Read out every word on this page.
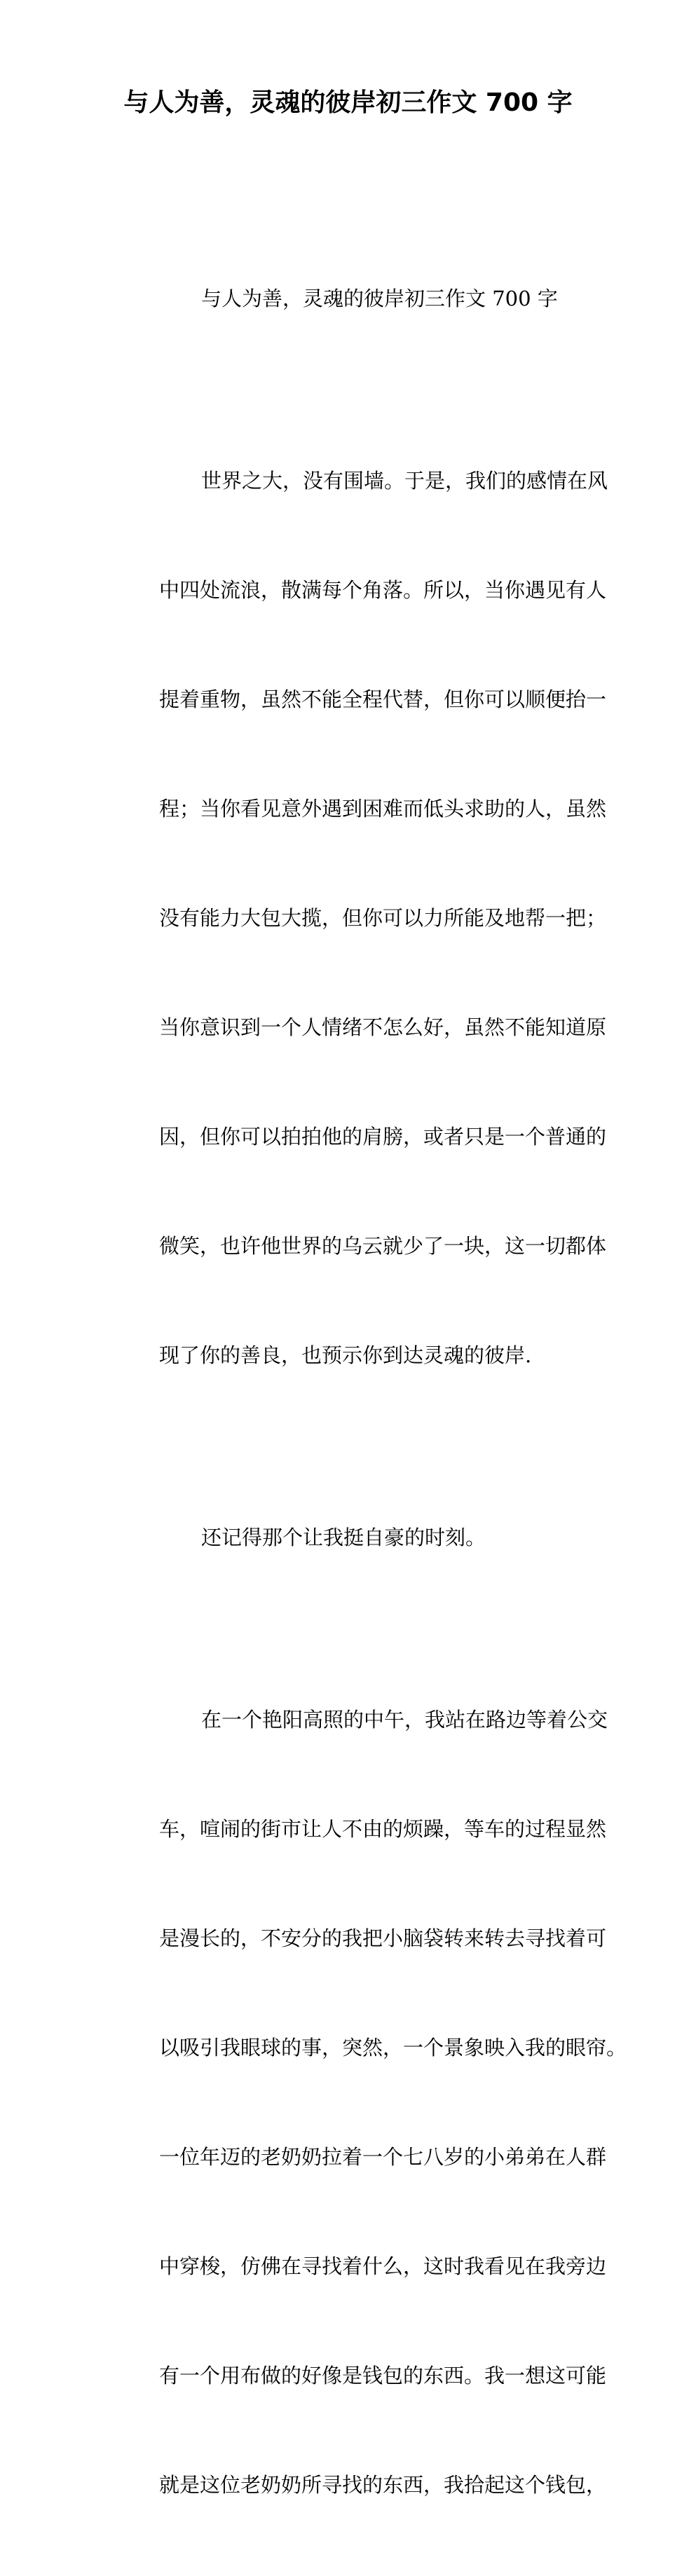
与人为善，灵魂的彼岸初三作文 700 字

与人为善，灵魂的彼岸初三作文 700 字

世界之大，没有围墙。于是，我们的感情在风

中四处流浪，散满每个角落。所以，当你遇见有人

提着重物，虽然不能全程代替，但你可以顺便抬一

程；当你看见意外遇到困难而低头求助的人，虽然

没有能力大包大揽，但你可以力所能及地帮一把；

当你意识到一个人情绪不怎么好，虽然不能知道原

因，但你可以拍拍他的肩膀，或者只是一个普通的

微笑，也许他世界的乌云就少了一块，这一切都体

现了你的善良，也预示你到达灵魂的彼岸.

还记得那个让我挺自豪的时刻。

在一个艳阳高照的中午，我站在路边等着公交

车，喧闹的街市让人不由的烦躁，等车的过程显然

是漫长的，不安分的我把小脑袋转来转去寻找着可

以吸引我眼球的事，突然，一个景象映入我的眼帘。

一位年迈的老奶奶拉着一个七八岁的小弟弟在人群

中穿梭，仿佛在寻找着什么，这时我看见在我旁边

有一个用布做的好像是钱包的东西。我一想这可能

就是这位老奶奶所寻找的东西，我拾起这个钱包，
